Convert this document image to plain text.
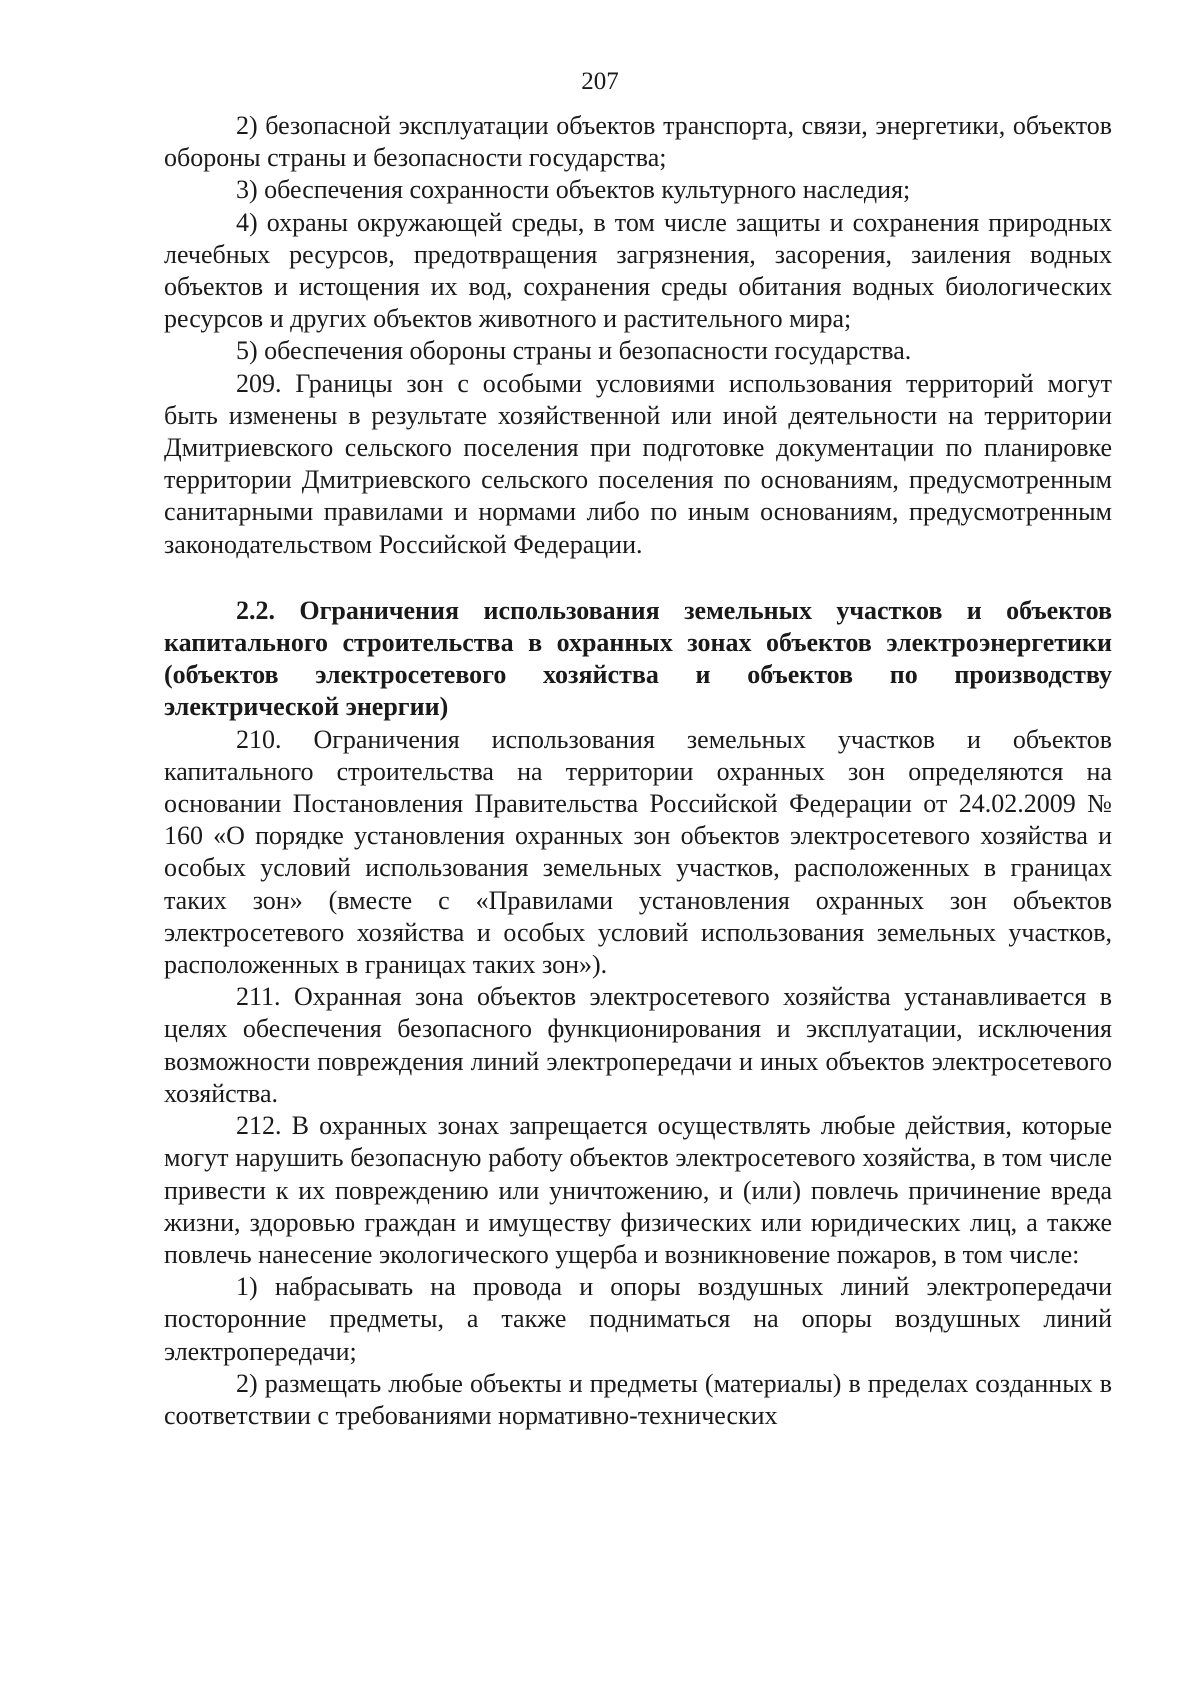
207

2) безопасной эксплуатации объектов транспорта, связи, энергетики, объектов обороны страны и безопасности государства;

3) обеспечения сохранности объектов культурного наследия;

4) охраны окружающей среды, в том числе защиты и сохранения природных лечебных ресурсов, предотвращения загрязнения, засорения, заиления водных объектов и истощения их вод, сохранения среды обитания водных биологических ресурсов и других объектов животного и растительного мира;

5) обеспечения обороны страны и безопасности государства.

209. Границы зон с особыми условиями использования территорий могут быть изменены в результате хозяйственной или иной деятельности на территории Дмитриевского сельского поселения при подготовке документации по планировке территории Дмитриевского сельского поселения по основаниям, предусмотренным санитарными правилами и нормами либо по иным основаниям, предусмотренным законодательством Российской Федерации.

2.2. Ограничения использования земельных участков и объектов капитального строительства в охранных зонах объектов электроэнергетики (объектов электросетевого хозяйства и объектов по производству электрической энергии)

210. Ограничения использования земельных участков и объектов капитального строительства на территории охранных зон определяются на основании Постановления Правительства Российской Федерации от 24.02.2009 № 160 «О порядке установления охранных зон объектов электросетевого хозяйства и особых условий использования земельных участков, расположенных в границах таких зон» (вместе с «Правилами установления охранных зон объектов электросетевого хозяйства и особых условий использования земельных участков, расположенных в границах таких зон»).

211. Охранная зона объектов электросетевого хозяйства устанавливается в целях обеспечения безопасного функционирования и эксплуатации, исключения возможности повреждения линий электропередачи и иных объектов электросетевого хозяйства.

212. В охранных зонах запрещается осуществлять любые действия, которые могут нарушить безопасную работу объектов электросетевого хозяйства, в том числе привести к их повреждению или уничтожению, и (или) повлечь причинение вреда жизни, здоровью граждан и имуществу физических или юридических лиц, а также повлечь нанесение экологического ущерба и возникновение пожаров, в том числе:

1) набрасывать на провода и опоры воздушных линий электропередачи посторонние предметы, а также подниматься на опоры воздушных линий электропередачи;

2) размещать любые объекты и предметы (материалы) в пределах созданных в соответствии с требованиями нормативно-технических
